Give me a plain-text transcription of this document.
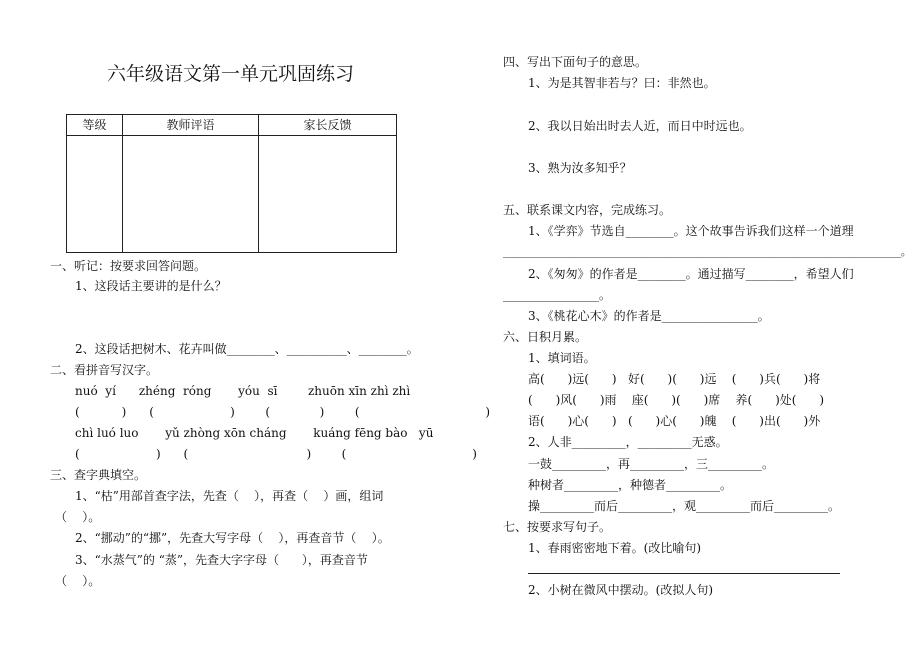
六年级语文第一单元巩固练习
等级	教师评语	家长反馈

一、听记：按要求回答问题。
1、这段话主要讲的是什么？
2、这段话把树木、花卉叫做________、__________、________。
二、看拼音写汉字。
nuó  yí      zhéng  róng       yóu  sī        zhuōn xīn zhì zhì
(           )      (                    )        (             )        (                                 )
chì luó luo       yǔ zhòng xōn cháng       kuáng fēng bào   yū
(                    )      (                               )        (                                 )
三、查字典填空。
1、“枯”用部首查字法，先查（    ），再查（    ）画，组词
（    ）。
2、“挪动”的“挪”，先查大写字母（    ），再查音节（    ）。
3、“水蒸气”的 “蒸”，先查大字字母（      ），再查音节
（    ）。
四、写出下面句子的意思。
1、为是其智非若与？曰：非然也。
2、我以日始出时去人近，而日中时远也。
3、熟为汝多知乎？
五、联系课文内容，完成练习。
1、《学弈》节选自________。这个故事告诉我们这样一个道理
______________________________________________________________________________。
2、《匆匆》的作者是________。通过描写________，希望人们
________________。
3、《桃花心木》的作者是________________。
六、日积月累。
1、填词语。
高(      )远(      )   好(      )(      )远    (      )兵(      )将
(      )风(      )雨    座(      )(      )席    养(      )处(      )
语(      )心(      )   (      )心(      )魄    (      )出(      )外
2、人非_________，_________无惑。
一鼓_________，再_________，三_________。
种树者_________，种德者_________。
操_________而后_________，观_________而后_________。
七、按要求写句子。
1、春雨密密地下着。(改比喻句)
2、小树在微风中摆动。(改拟人句)
